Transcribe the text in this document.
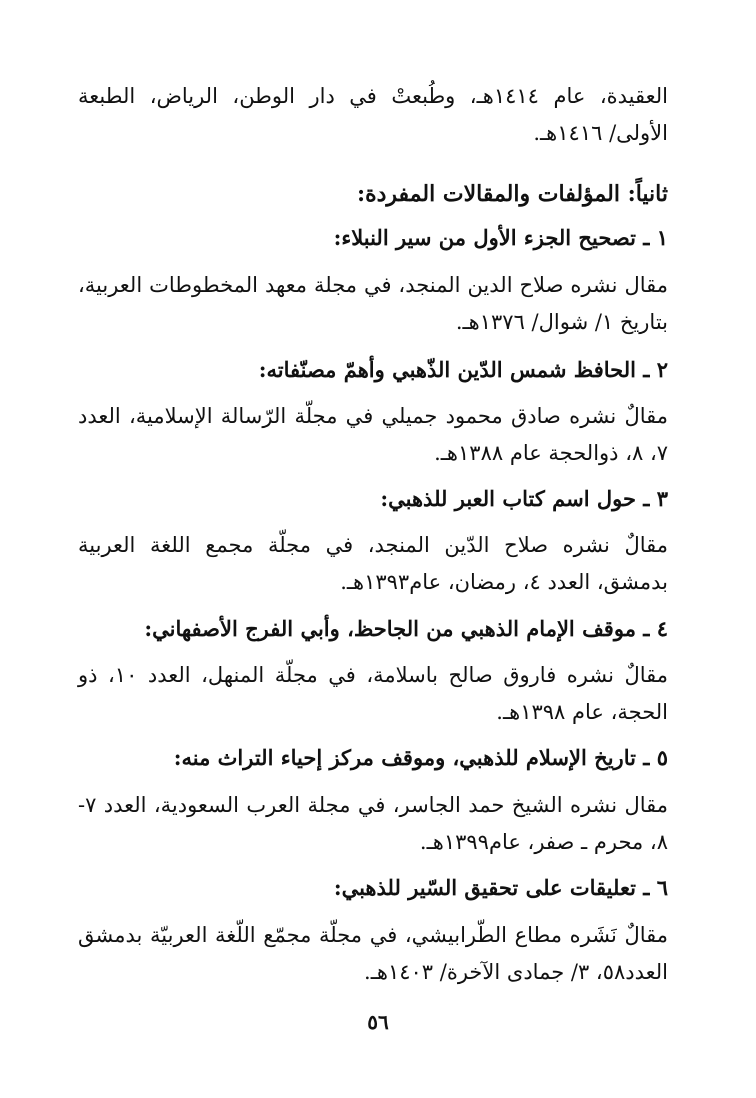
العقيدة، عام ١٤١٤هـ، وطُبعتْ في دار الوطن، الرياض، الطبعة الأولى/ ١٤١٦هـ.
ثانياً: المؤلفات والمقالات المفردة:
١ ـ تصحيح الجزء الأول من سير النبلاء:
مقال نشره صلاح الدين المنجد، في مجلة معهد المخطوطات العربية، بتاريخ ١/ شوال/ ١٣٧٦هـ.
٢ ـ الحافظ شمس الدّين الذّهبي وأهمّ مصنّفاته:
مقالٌ نشره صادق محمود جميلي في مجلّة الرّسالة الإسلامية، العدد ٧، ٨، ذوالحجة عام ١٣٨٨هـ.
٣ ـ حول اسم كتاب العبر للذهبي:
مقالٌ نشره صلاح الدّين المنجد، في مجلّة مجمع اللغة العربية بدمشق، العدد ٤، رمضان، عام١٣٩٣هـ.
٤ ـ موقف الإمام الذهبي من الجاحظ، وأبي الفرج الأصفهاني:
مقالٌ نشره فاروق صالح باسلامة، في مجلّة المنهل، العدد ١٠، ذو الحجة، عام ١٣٩٨هـ.
٥ ـ تاريخ الإسلام للذهبي، وموقف مركز إحياء التراث منه:
مقال نشره الشيخ حمد الجاسر، في مجلة العرب السعودية، العدد ٧- ٨، محرم ـ صفر، عام١٣٩٩هـ.
٦ ـ تعليقات على تحقيق السّير للذهبي:
مقالٌ نَشَره مطاع الطّرابيشي، في مجلّة مجمّع اللّغة العربيّة بدمشق العدد٥٨، ٣/ جمادى الآخرة/ ١٤٠٣هـ.
٥٦
